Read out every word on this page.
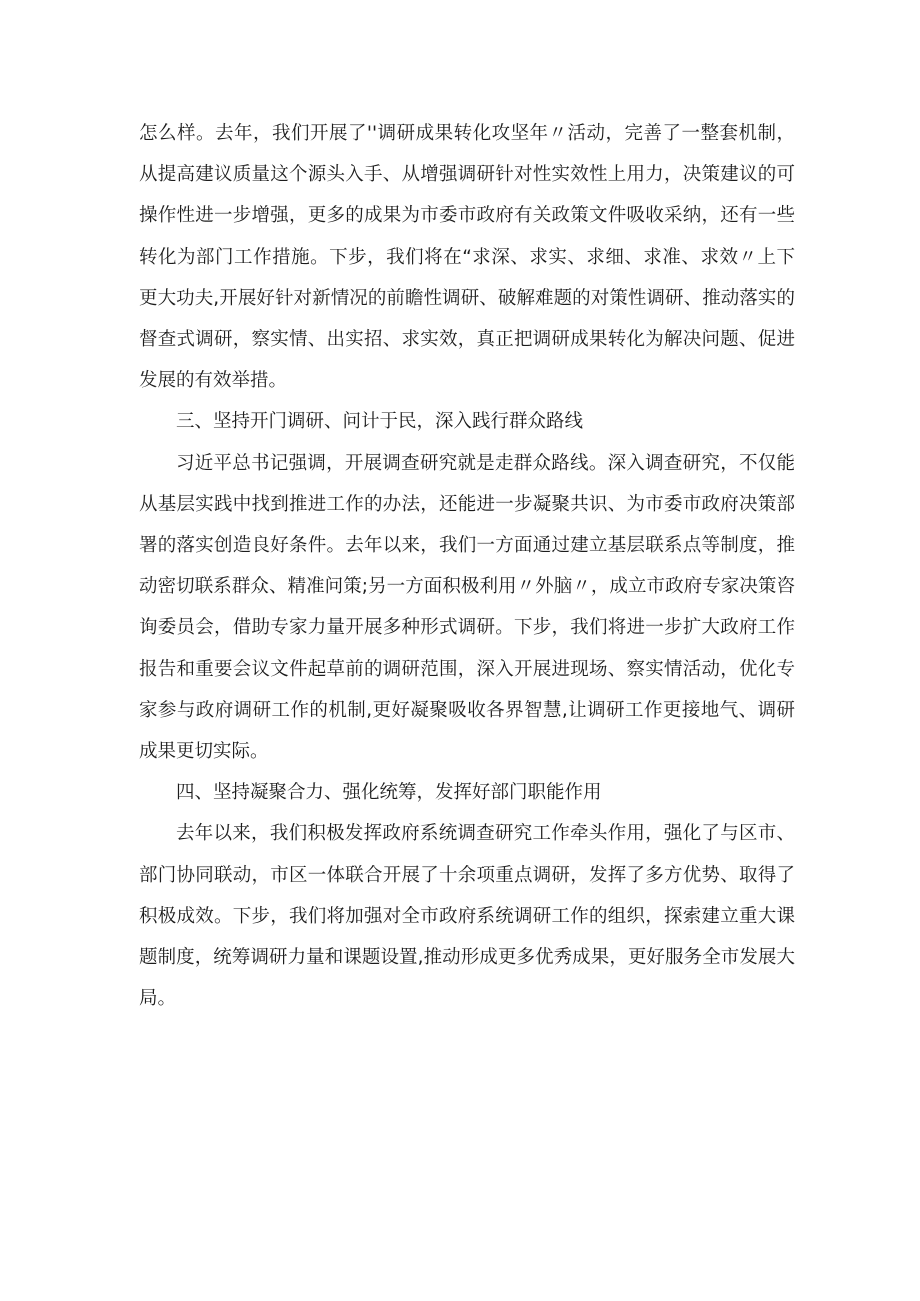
怎么样。去年，我们开展了''调研成果转化攻坚年〃活动，完善了一整套机制，从提高建议质量这个源头入手、从增强调研针对性实效性上用力，决策建议的可操作性进一步增强，更多的成果为市委市政府有关政策文件吸收采纳，还有一些转化为部门工作措施。下步，我们将在“求深、求实、求细、求准、求效〃上下更大功夫,开展好针对新情况的前瞻性调研、破解难题的对策性调研、推动落实的督查式调研，察实情、出实招、求实效，真正把调研成果转化为解决问题、促进发展的有效举措。

三、坚持开门调研、问计于民，深入践行群众路线

习近平总书记强调，开展调查研究就是走群众路线。深入调查研究，不仅能从基层实践中找到推进工作的办法，还能进一步凝聚共识、为市委市政府决策部署的落实创造良好条件。去年以来，我们一方面通过建立基层联系点等制度，推动密切联系群众、精准问策;另一方面积极利用〃外脑〃，成立市政府专家决策咨询委员会，借助专家力量开展多种形式调研。下步，我们将进一步扩大政府工作报告和重要会议文件起草前的调研范围，深入开展进现场、察实情活动，优化专家参与政府调研工作的机制,更好凝聚吸收各界智慧,让调研工作更接地气、调研成果更切实际。

四、坚持凝聚合力、强化统筹，发挥好部门职能作用

去年以来，我们积极发挥政府系统调查研究工作牵头作用，强化了与区市、部门协同联动，市区一体联合开展了十余项重点调研，发挥了多方优势、取得了积极成效。下步，我们将加强对全市政府系统调研工作的组织，探索建立重大课题制度，统筹调研力量和课题设置,推动形成更多优秀成果，更好服务全市发展大局。
